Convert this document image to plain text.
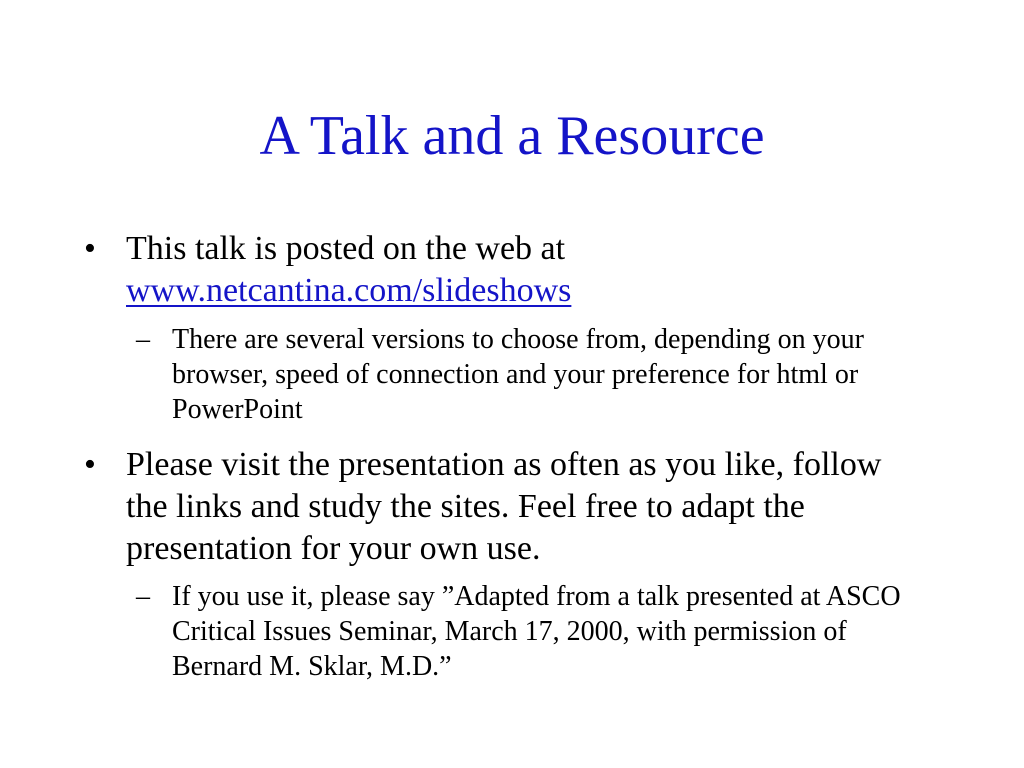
A Talk and a Resource
• This talk is posted on the web at
www.netcantina.com/slideshows
– There are several versions to choose from, depending on your browser, speed of connection and your preference for html or PowerPoint
• Please visit the presentation as often as you like, follow the links and study the sites. Feel free to adapt the presentation for your own use.
– If you use it, please say ”Adapted from a talk presented at ASCO Critical Issues Seminar, March 17, 2000, with permission of Bernard M. Sklar, M.D.”
